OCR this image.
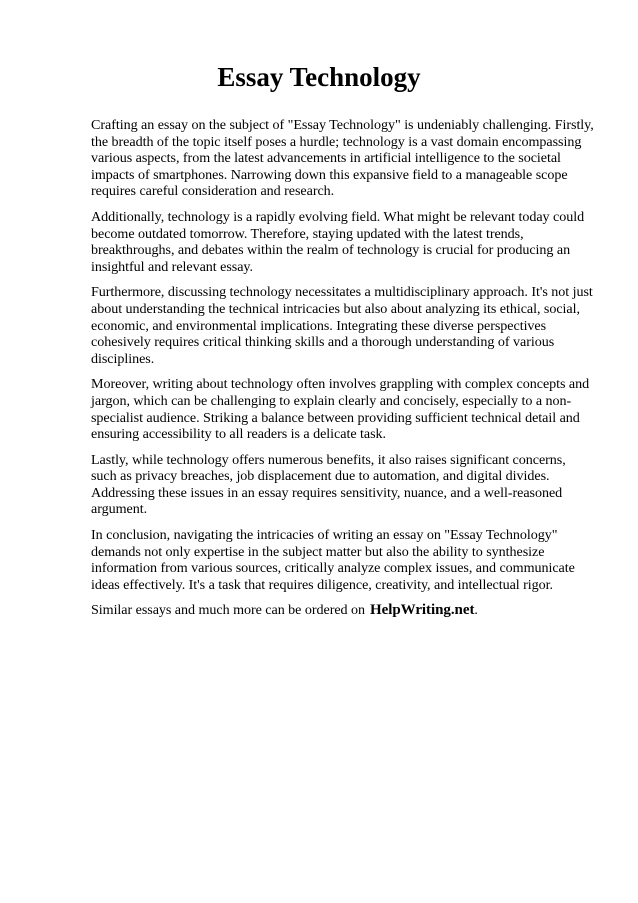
Essay Technology

Crafting an essay on the subject of "Essay Technology" is undeniably challenging. Firstly, the breadth of the topic itself poses a hurdle; technology is a vast domain encompassing various aspects, from the latest advancements in artificial intelligence to the societal impacts of smartphones. Narrowing down this expansive field to a manageable scope requires careful consideration and research.

Additionally, technology is a rapidly evolving field. What might be relevant today could become outdated tomorrow. Therefore, staying updated with the latest trends, breakthroughs, and debates within the realm of technology is crucial for producing an insightful and relevant essay.

Furthermore, discussing technology necessitates a multidisciplinary approach. It's not just about understanding the technical intricacies but also about analyzing its ethical, social, economic, and environmental implications. Integrating these diverse perspectives cohesively requires critical thinking skills and a thorough understanding of various disciplines.

Moreover, writing about technology often involves grappling with complex concepts and jargon, which can be challenging to explain clearly and concisely, especially to a non-specialist audience. Striking a balance between providing sufficient technical detail and ensuring accessibility to all readers is a delicate task.

Lastly, while technology offers numerous benefits, it also raises significant concerns, such as privacy breaches, job displacement due to automation, and digital divides. Addressing these issues in an essay requires sensitivity, nuance, and a well-reasoned argument.

In conclusion, navigating the intricacies of writing an essay on "Essay Technology" demands not only expertise in the subject matter but also the ability to synthesize information from various sources, critically analyze complex issues, and communicate ideas effectively. It's a task that requires diligence, creativity, and intellectual rigor.

Similar essays and much more can be ordered on HelpWriting.net.
